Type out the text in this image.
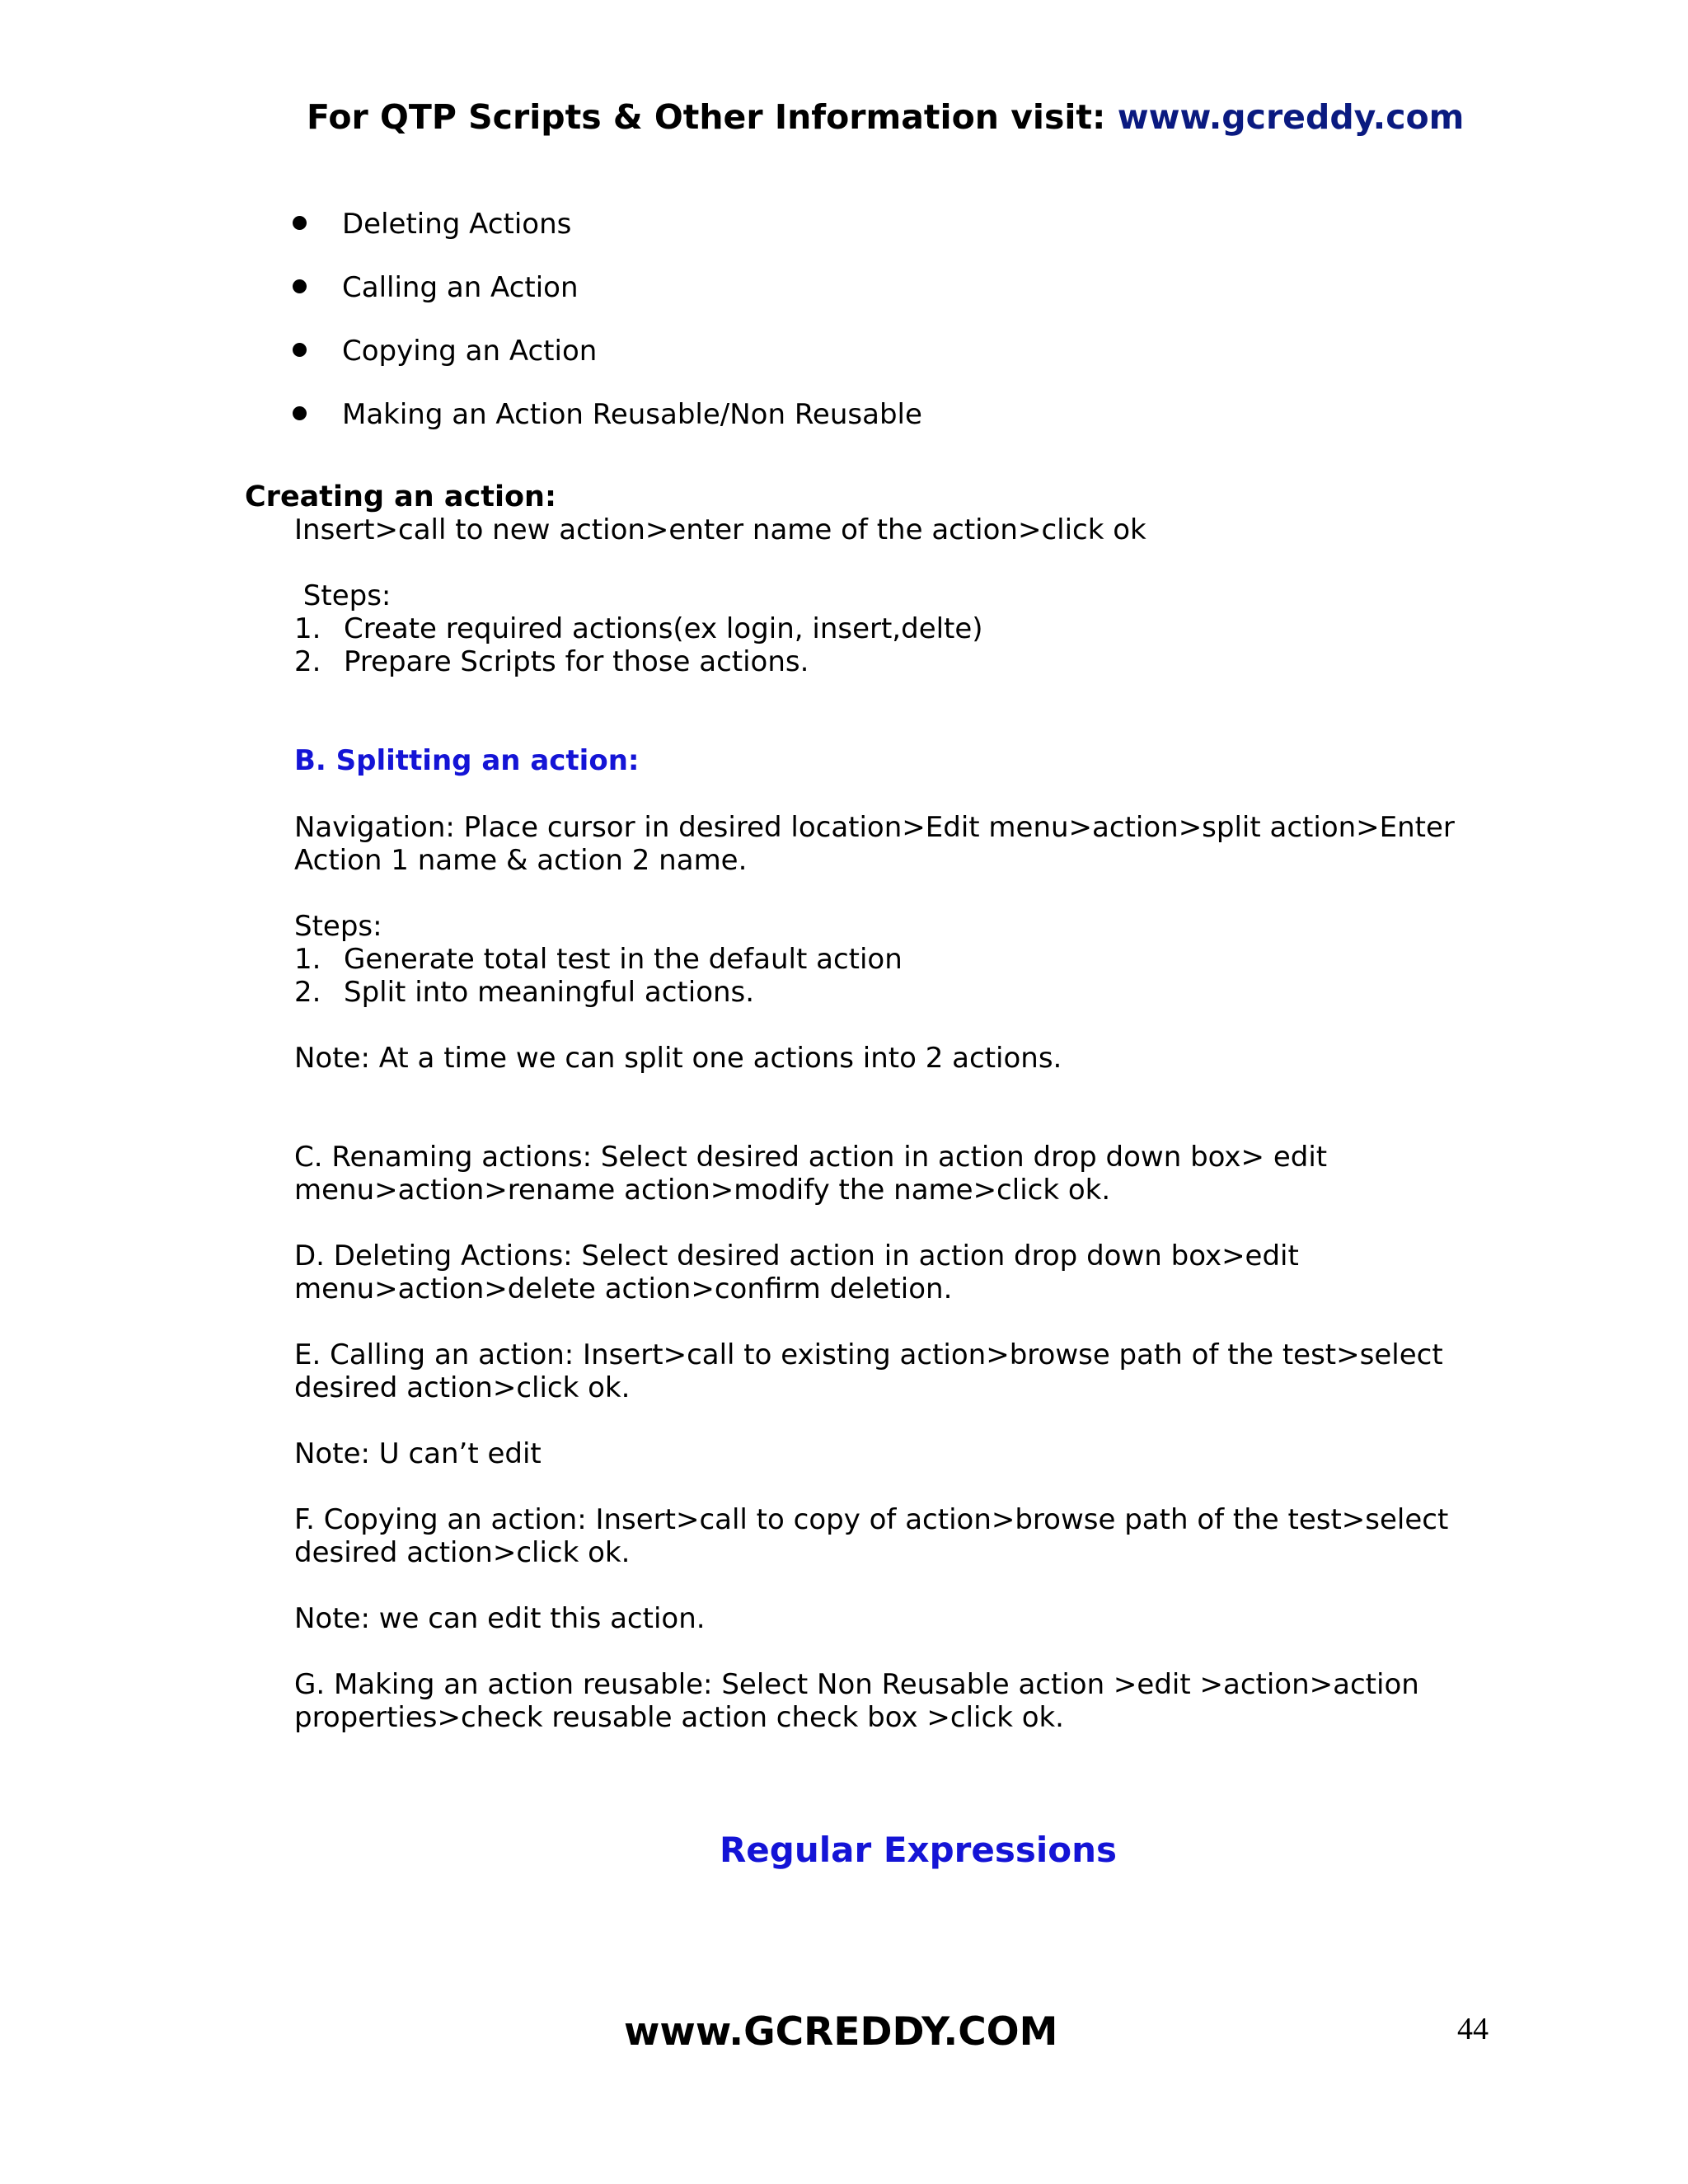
For QTP Scripts & Other Information visit: www.gcreddy.com
Deleting Actions
Calling an Action
Copying an Action
Making an Action Reusable/Non Reusable
Creating an action:
Insert>call to new action>enter name of the action>click ok
Steps:
1. Create required actions(ex login, insert,delte)
2. Prepare Scripts for those actions.
B. Splitting an action:
Navigation: Place cursor in desired location>Edit menu>action>split action>Enter
Action 1 name & action 2 name.
Steps:
1. Generate total test in the default action
2. Split into meaningful actions.
Note: At a time we can split one actions into 2 actions.
C. Renaming actions: Select desired action in action drop down box> edit
menu>action>rename action>modify the name>click ok.
D. Deleting Actions: Select desired action in action drop down box>edit
menu>action>delete action>confirm deletion.
E. Calling an action: Insert>call to existing action>browse path of the test>select
desired action>click ok.
Note: U can’t edit
F. Copying an action: Insert>call to copy of action>browse path of the test>select
desired action>click ok.
Note: we can edit this action.
G. Making an action reusable: Select Non Reusable action >edit >action>action
properties>check reusable action check box >click ok.
Regular Expressions
www.GCREDDY.COM	44
